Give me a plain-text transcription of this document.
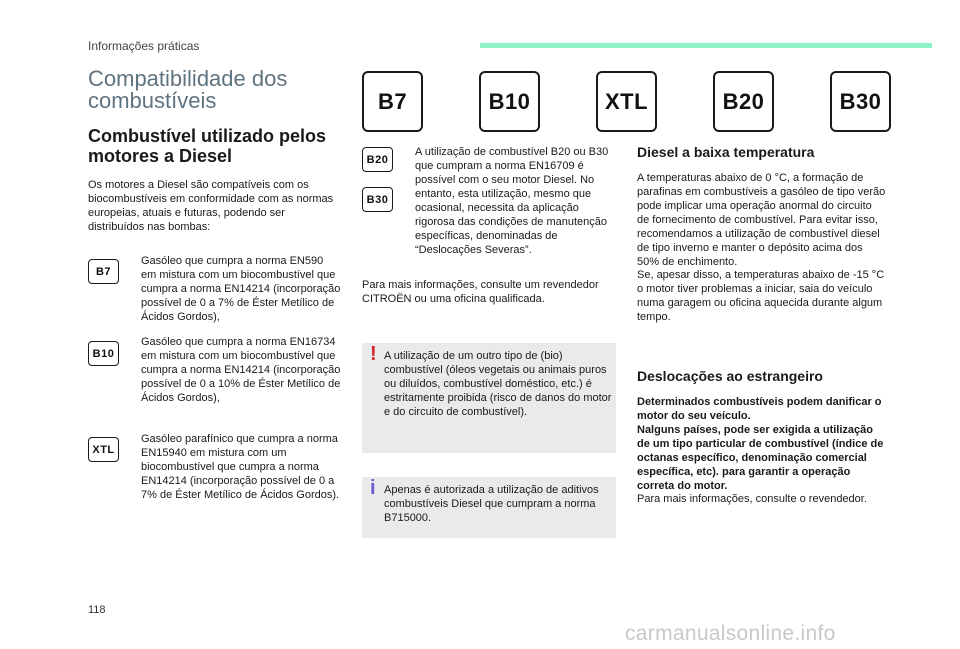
Informações práticas
Compatibilidade dos combustíveis
Combustível utilizado pelos motores a Diesel

Os motores a Diesel são compatíveis com os biocombustíveis em conformidade com as normas europeias, atuais e futuras, podendo ser distribuídos nas bombas:

B7	B10	XTL	B20	B30
B7

Gasóleo que cumpra a norma EN590 em mistura com um biocombustível que cumpra a norma EN14214 (incorporação possível de 0 a 7% de Éster Metílico de Ácidos Gordos),

B10

Gasóleo que cumpra a norma EN16734 em mistura com um biocombustível que cumpra a norma EN14214 (incorporação possível de 0 a 10% de Éster Metílico de Ácidos Gordos),

XTL

Gasóleo parafínico que cumpra a norma EN15940 em mistura com um biocombustível que cumpra a norma EN14214 (incorporação possível de 0 a 7% de Éster Metílico de Ácidos Gordos).

B20
B30

A utilização de combustível B20 ou B30 que cumpram a norma EN16709 é possível com o seu motor Diesel. No entanto, esta utilização, mesmo que ocasional, necessita da aplicação rigorosa das condições de manutenção específicas, denominadas de “Deslocações Severas”.

Para mais informações, consulte um revendedor CITROËN ou uma oficina qualificada.

! A utilização de um outro tipo de (bio) combustível (óleos vegetais ou animais puros ou diluídos, combustível doméstico, etc.) é estritamente proibida (risco de danos do motor e do circuito de combustível).

i Apenas é autorizada a utilização de aditivos combustíveis Diesel que cumpram a norma B715000.

Diesel a baixa temperatura

A temperaturas abaixo de 0 °C, a formação de parafinas em combustíveis a gasóleo de tipo verão pode implicar uma operação anormal do circuito de fornecimento de combustível. Para evitar isso, recomendamos a utilização de combustível diesel de tipo inverno e manter o depósito acima dos 50% de enchimento.

Se, apesar disso, a temperaturas abaixo de -15 °C o motor tiver problemas a iniciar, saia do veículo numa garagem ou oficina aquecida durante algum tempo.

Deslocações ao estrangeiro

Determinados combustíveis podem danificar o motor do seu veículo.

Nalguns países, pode ser exigida a utilização de um tipo particular de combustível (índice de octanas específico, denominação comercial específica, etc). para garantir a operação correta do motor.

Para mais informações, consulte o revendedor.

118
carmanualsonline.info
